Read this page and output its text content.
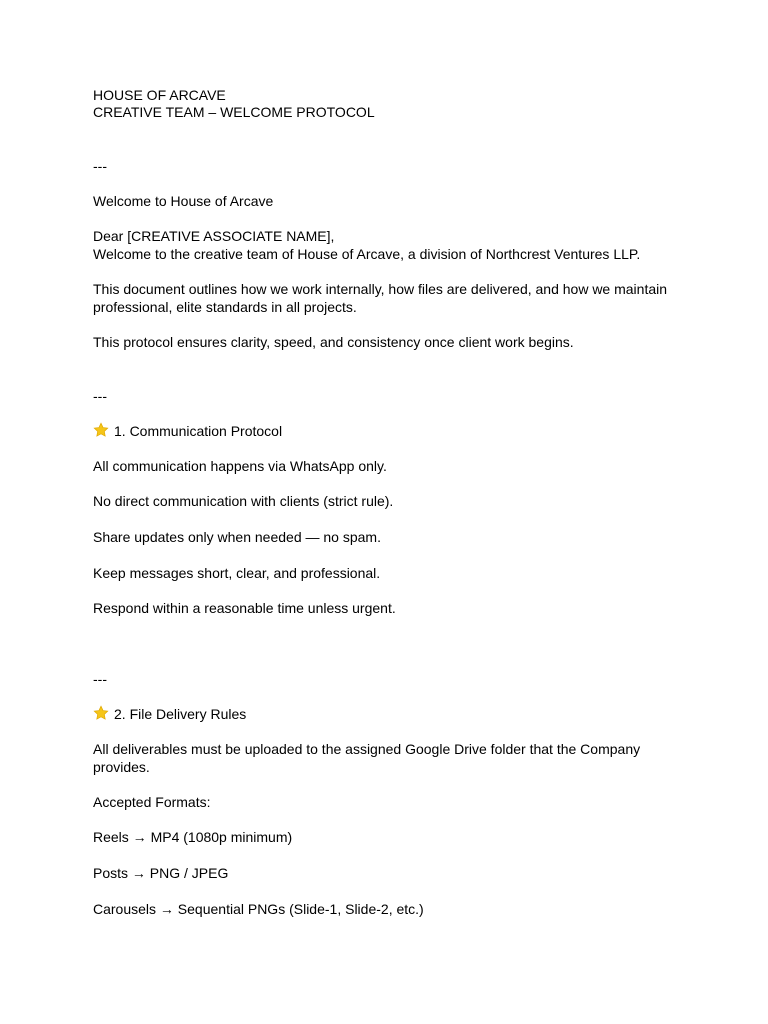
HOUSE OF ARCAVE
CREATIVE TEAM – WELCOME PROTOCOL
---
Welcome to House of Arcave
Dear [CREATIVE ASSOCIATE NAME],
Welcome to the creative team of House of Arcave, a division of Northcrest Ventures LLP.
This document outlines how we work internally, how files are delivered, and how we maintain professional, elite standards in all projects.
This protocol ensures clarity, speed, and consistency once client work begins.
---
1. Communication Protocol
All communication happens via WhatsApp only.
No direct communication with clients (strict rule).
Share updates only when needed — no spam.
Keep messages short, clear, and professional.
Respond within a reasonable time unless urgent.
---
2. File Delivery Rules
All deliverables must be uploaded to the assigned Google Drive folder that the Company provides.
Accepted Formats:
Reels → MP4 (1080p minimum)
Posts → PNG / JPEG
Carousels → Sequential PNGs (Slide-1, Slide-2, etc.)
